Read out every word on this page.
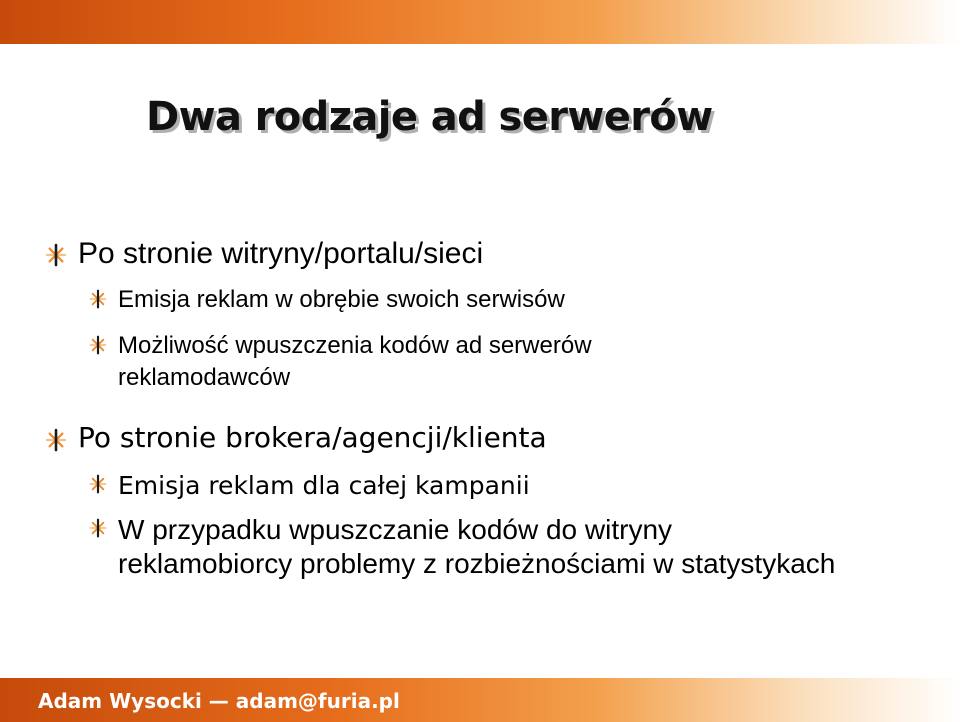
Dwa rodzaje ad serwerów
Po stronie witryny/portalu/sieci
Emisja reklam w obrębie swoich serwisów
Możliwość wpuszczenia kodów ad serwerów
reklamodawców
Po stronie brokera/agencji/klienta
Emisja reklam dla całej kampanii
W przypadku wpuszczanie kodów do witryny
reklamobiorcy problemy z rozbieżnościami w statystykach
Adam Wysocki — adam@furia.pl
